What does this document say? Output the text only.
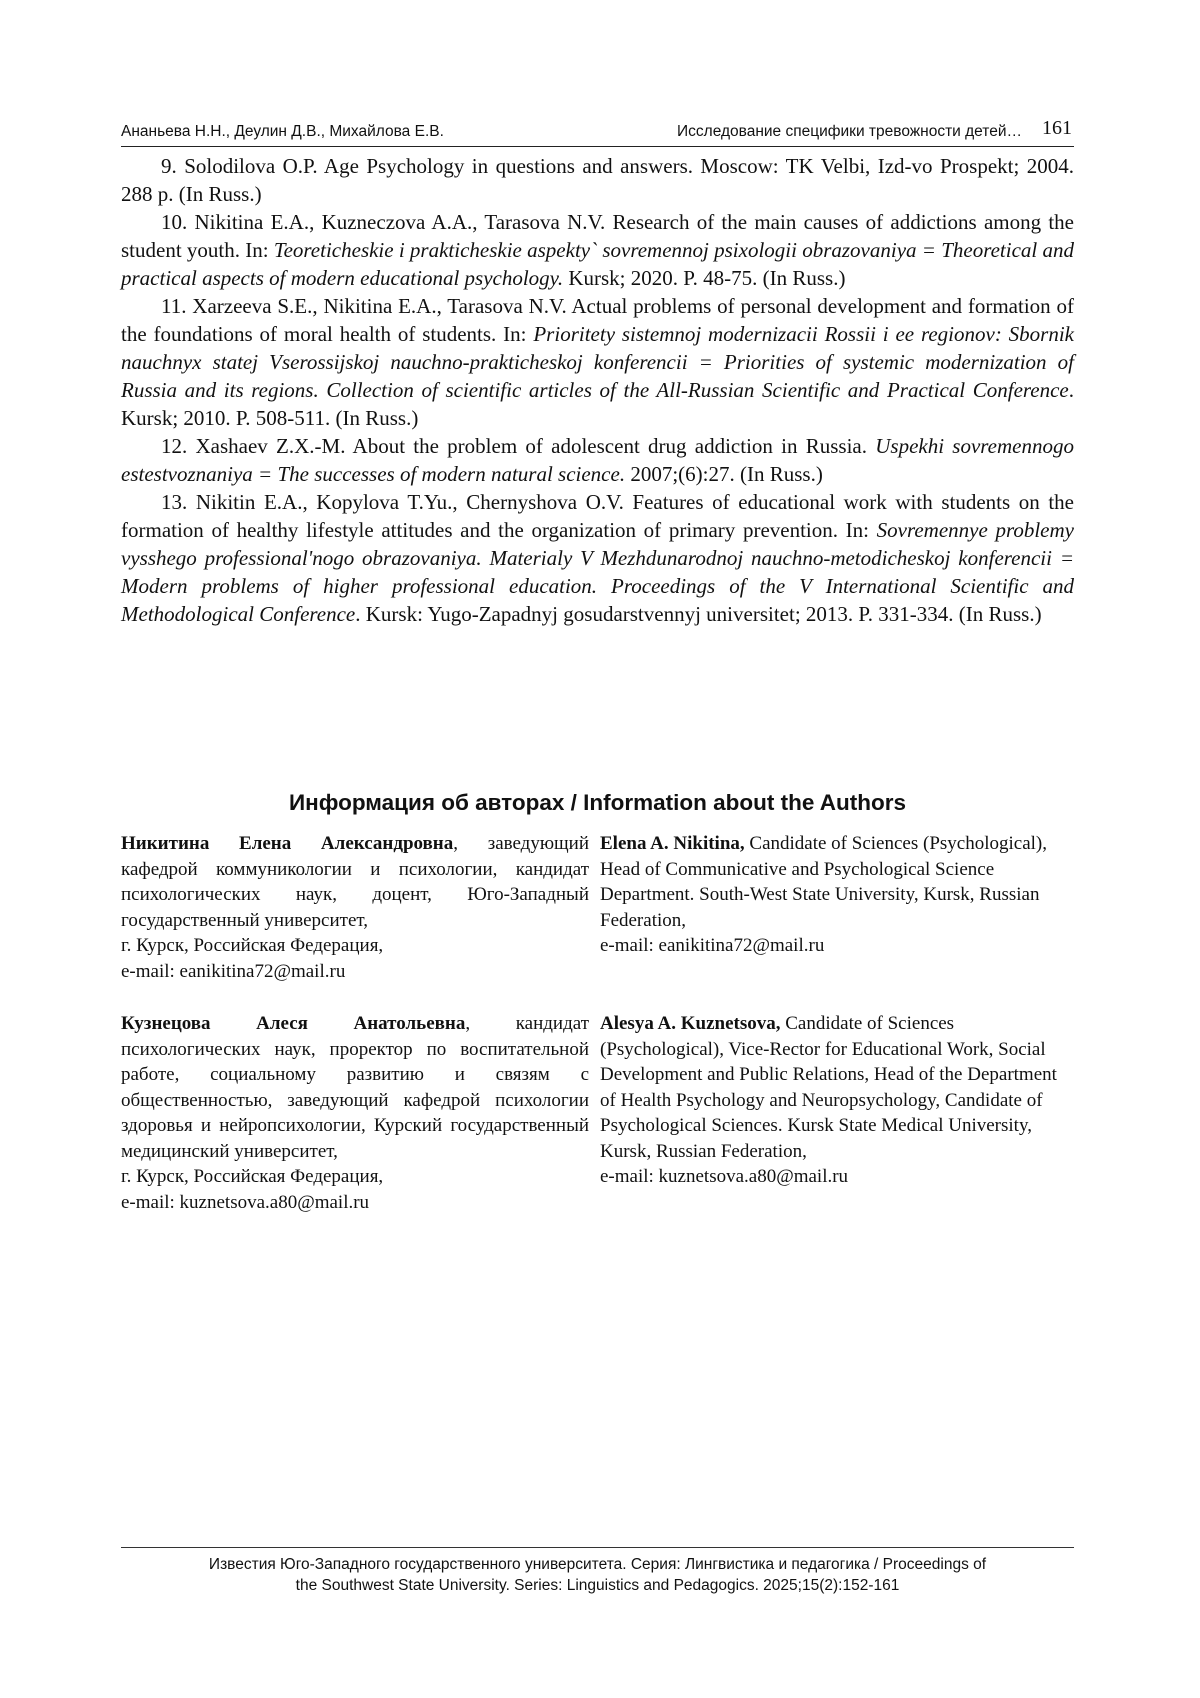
Ананьева Н.Н., Деулин Д.В., Михайлова Е.В.	Исследование специфики тревожности детей… 161

9. Solodilova O.P. Age Psychology in questions and answers. Moscow: TK Velbi, Izd-vo Prospekt; 2004. 288 p. (In Russ.)

10. Nikitina E.A., Kuzneczova A.A., Tarasova N.V. Research of the main causes of addictions among the student youth. In: Teoreticheskie i prakticheskie aspekty` sovremennoj psixologii obrazovaniya = Theoretical and practical aspects of modern educational psychology. Kursk; 2020. P. 48-75. (In Russ.)

11. Xarzeeva S.E., Nikitina E.A., Tarasova N.V. Actual problems of personal development and formation of the foundations of moral health of students. In: Prioritety sistemnoj modernizacii Rossii i ee regionov: Sbornik nauchnyx statej Vserossijskoj nauchno-prakticheskoj konferencii = Priorities of systemic modernization of Russia and its regions. Collection of scientific articles of the All-Russian Scientific and Practical Conference. Kursk; 2010. P. 508-511. (In Russ.)

12. Xashaev Z.X.-M. About the problem of adolescent drug addiction in Russia. Uspekhi sovremennogo estestvoznaniya = The successes of modern natural science. 2007;(6):27. (In Russ.)

13. Nikitin E.A., Kopylova T.Yu., Chernyshova O.V. Features of educational work with students on the formation of healthy lifestyle attitudes and the organization of primary prevention. In: Sovremennye problemy vysshego professional'nogo obrazovaniya. Materialy V Mezhdunarodnoj nauchno-metodicheskoj konferencii = Modern problems of higher professional education. Proceedings of the V International Scientific and Methodological Conference. Kursk: Yugo-Zapadnyj gosudarstvennyj universitet; 2013. P. 331-334. (In Russ.)

Информация об авторах / Information about the Authors
Никитина Елена Александровна, заведующий кафедрой коммуникологии и психологии, кандидат психологических наук, доцент, Юго-Западный государственный университет,
г. Курск, Российская Федерация,
e-mail: eanikitina72@mail.ru
Elena A. Nikitina, Candidate of Sciences (Psychological), Head of Communicative and Psychological Science Department. South-West State University, Kursk, Russian Federation,
e-mail: eanikitina72@mail.ru
Кузнецова Алеся Анатольевна, кандидат психологических наук, проректор по воспитательной работе, социальному развитию и связям с общественностью, заведующий кафедрой психологии здоровья и нейропсихологии, Курский государственный медицинский университет,
г. Курск, Российская Федерация,
e-mail: kuznetsova.a80@mail.ru
Alesya A. Kuznetsova, Candidate of Sciences (Psychological), Vice-Rector for Educational Work, Social Development and Public Relations, Head of the Department of Health Psychology and Neuropsychology, Candidate of Psychological Sciences. Kursk State Medical University, Kursk, Russian Federation,
e-mail: kuznetsova.a80@mail.ru
Известия Юго-Западного государственного университета. Серия: Лингвистика и педагогика / Proceedings of
the Southwest State University. Series: Linguistics and Pedagogics. 2025;15(2):152-161
